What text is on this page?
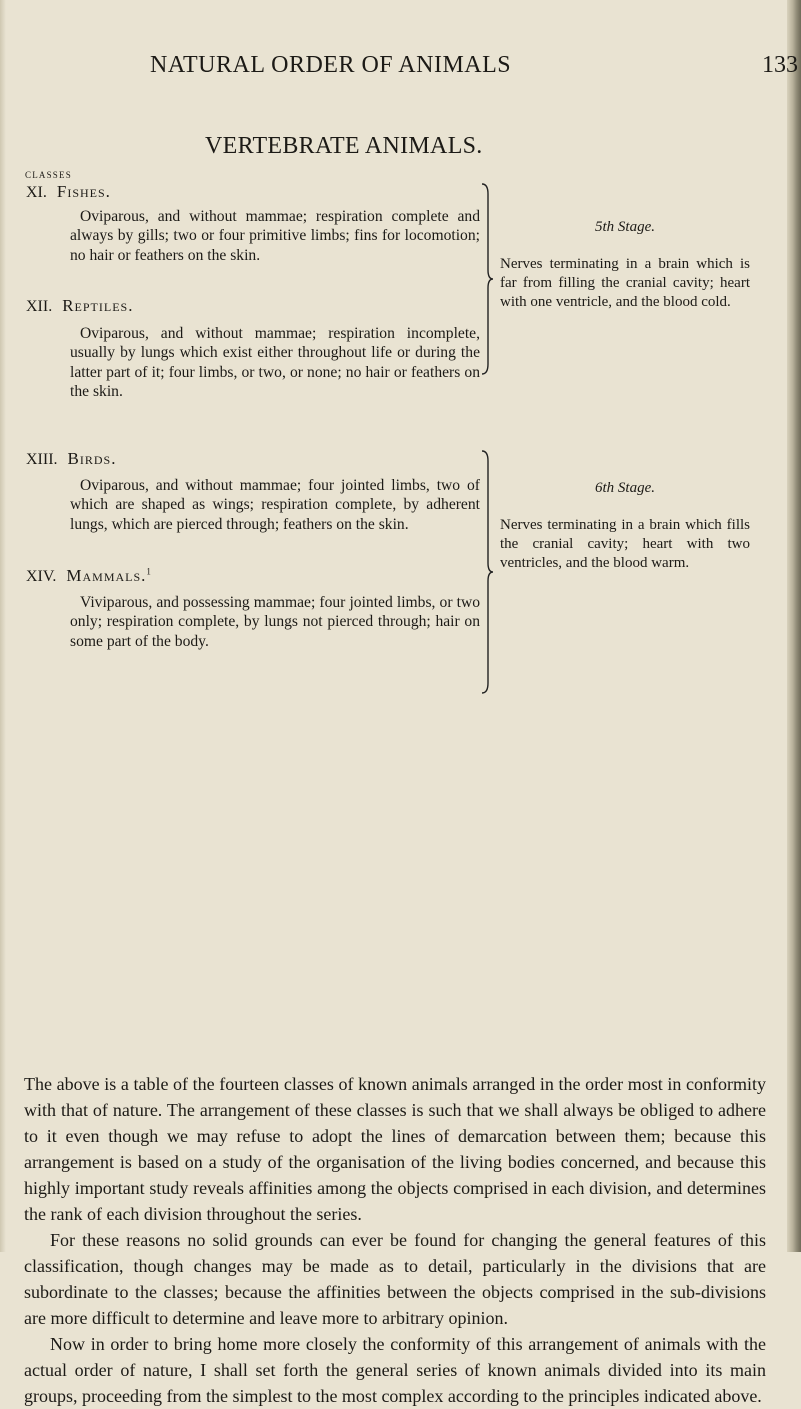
NATURAL ORDER OF ANIMALS	133
VERTEBRATE ANIMALS.
CLASSES
XI. Fishes.
Oviparous, and without mammae; respiration complete and always by gills; two or four primitive limbs; fins for locomotion; no hair or feathers on the skin.
XII. Reptiles.
Oviparous, and without mammae; respiration incomplete, usually by lungs which exist either throughout life or during the latter part of it; four limbs, or two, or none; no hair or feathers on the skin.
XIII. Birds.
Oviparous, and without mammae; four jointed limbs, two of which are shaped as wings; respiration complete, by adherent lungs, which are pierced through; feathers on the skin.
XIV. Mammals.$^1$
Viviparous, and possessing mammae; four jointed limbs, or two only; respiration complete, by lungs not pierced through; hair on some part of the body.
5th Stage.
Nerves terminating in a brain which is far from filling the cranial cavity; heart with one ventricle, and the blood cold.
6th Stage.
Nerves terminating in a brain which fills the cranial cavity; heart with two ventricles, and the blood warm.

The above is a table of the fourteen classes of known animals arranged in the order most in conformity with that of nature. The arrangement of these classes is such that we shall always be obliged to adhere to it even though we may refuse to adopt the lines of demarcation between them; because this arrangement is based on a study of the organisation of the living bodies concerned, and because this highly important study reveals affinities among the objects comprised in each division, and determines the rank of each division throughout the series.

For these reasons no solid grounds can ever be found for changing the general features of this classification, though changes may be made as to detail, particularly in the divisions that are subordinate to the classes; because the affinities between the objects comprised in the sub-divisions are more difficult to determine and leave more to arbitrary opinion.

Now in order to bring home more closely the conformity of this arrangement of animals with the actual order of nature, I shall set forth the general series of known animals divided into its main groups, proceeding from the simplest to the most complex according to the principles indicated above.
